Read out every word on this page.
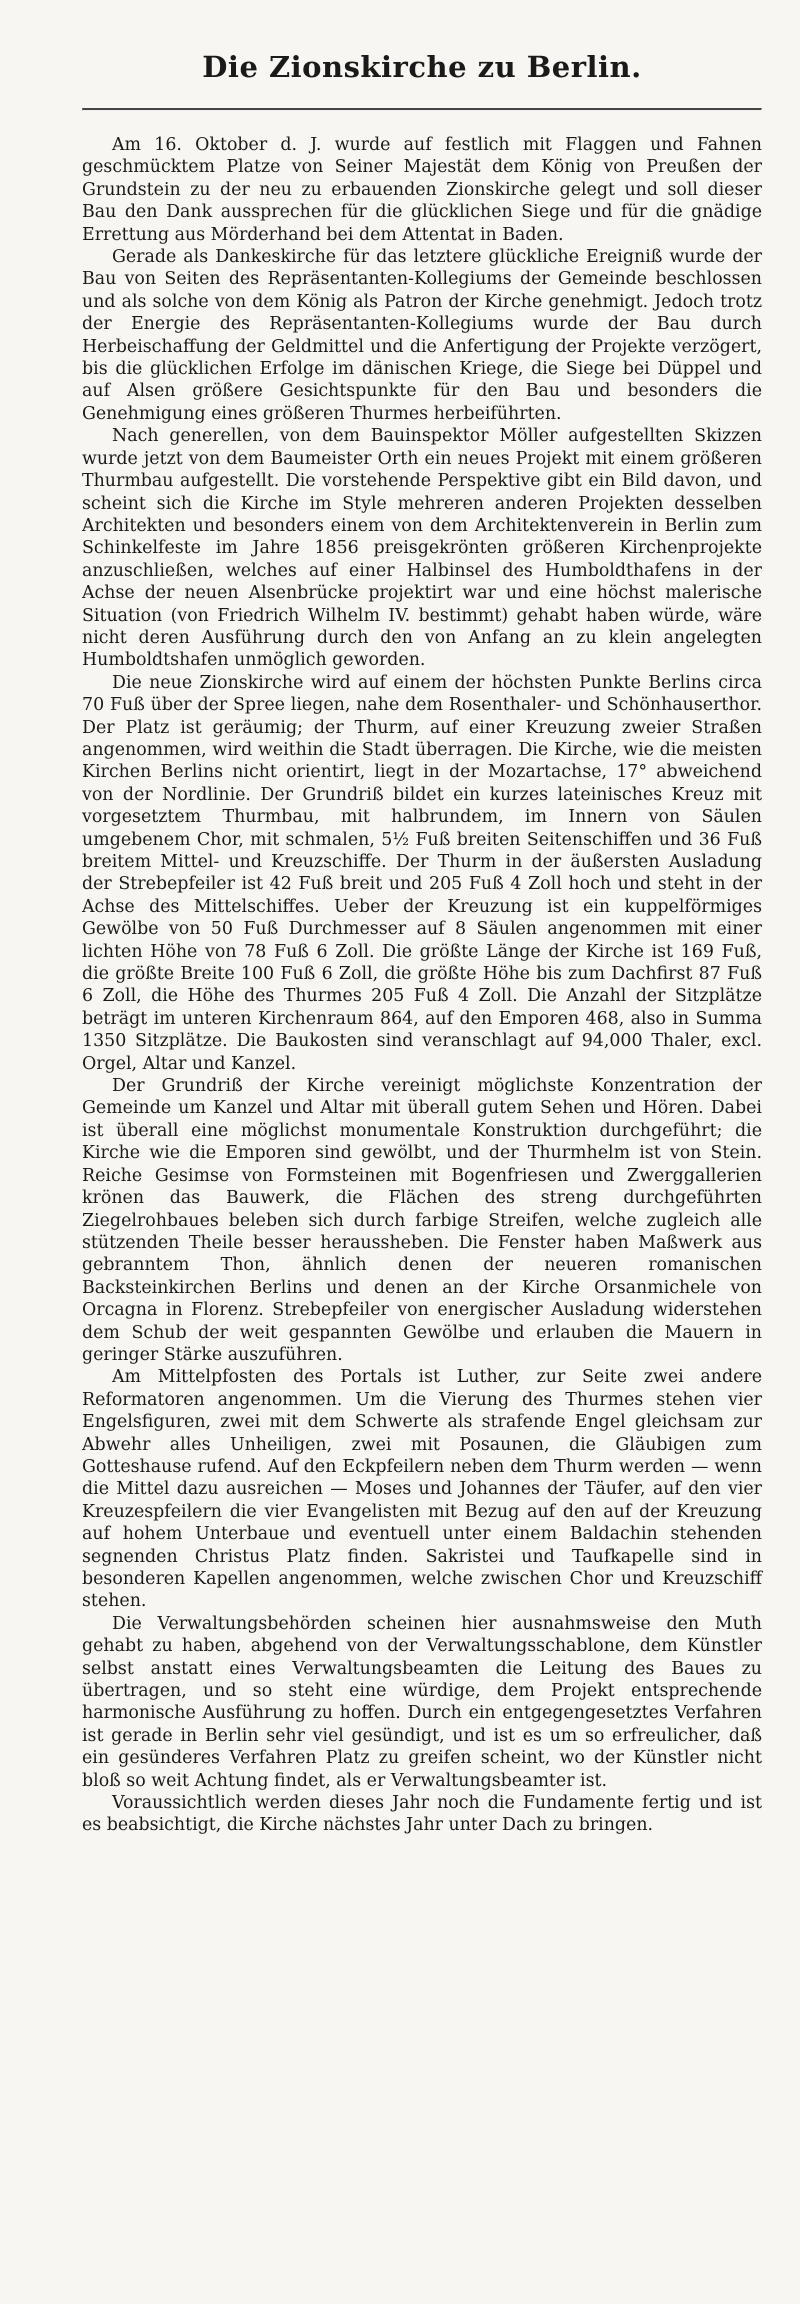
Die Zionskirche zu Berlin.

Am 16. Oktober d. J. wurde auf festlich mit Flaggen und Fahnen geschmücktem Platze von Seiner Majestät dem König von Preußen der Grundstein zu der neu zu erbauenden Zionskirche gelegt und soll dieser Bau den Dank aussprechen für die glücklichen Siege und für die gnädige Errettung aus Mörderhand bei dem Attentat in Baden.

Gerade als Dankeskirche für das letztere glückliche Ereigniß wurde der Bau von Seiten des Repräsentanten-Kollegiums der Gemeinde beschlossen und als solche von dem König als Patron der Kirche genehmigt. Jedoch trotz der Energie des Repräsentanten-Kollegiums wurde der Bau durch Herbeischaffung der Geldmittel und die Anfertigung der Projekte verzögert, bis die glücklichen Erfolge im dänischen Kriege, die Siege bei Düppel und auf Alsen größere Gesichtspunkte für den Bau und besonders die Genehmigung eines größeren Thurmes herbeiführten.

Nach generellen, von dem Bauinspektor Möller aufgestellten Skizzen wurde jetzt von dem Baumeister Orth ein neues Projekt mit einem größeren Thurmbau aufgestellt. Die vorstehende Perspektive gibt ein Bild davon, und scheint sich die Kirche im Style mehreren anderen Projekten desselben Architekten und besonders einem von dem Architektenverein in Berlin zum Schinkelfeste im Jahre 1856 preisgekrönten größeren Kirchenprojekte anzuschließen, welches auf einer Halbinsel des Humboldthafens in der Achse der neuen Alsenbrücke projektirt war und eine höchst malerische Situation (von Friedrich Wilhelm IV. bestimmt) gehabt haben würde, wäre nicht deren Ausführung durch den von Anfang an zu klein angelegten Humboldtshafen unmöglich geworden.

Die neue Zionskirche wird auf einem der höchsten Punkte Berlins circa 70 Fuß über der Spree liegen, nahe dem Rosenthaler- und Schönhauserthor. Der Platz ist geräumig; der Thurm, auf einer Kreuzung zweier Straßen angenommen, wird weithin die Stadt überragen. Die Kirche, wie die meisten Kirchen Berlins nicht orientirt, liegt in der Mozartachse, 17° abweichend von der Nordlinie. Der Grundriß bildet ein kurzes lateinisches Kreuz mit vorgesetztem Thurmbau, mit halbrundem, im Innern von Säulen umgebenem Chor, mit schmalen, 5½ Fuß breiten Seitenschiffen und 36 Fuß breitem Mittel- und Kreuzschiffe. Der Thurm in der äußersten Ausladung der Strebepfeiler ist 42 Fuß breit und 205 Fuß 4 Zoll hoch und steht in der Achse des Mittelschiffes. Ueber der Kreuzung ist ein kuppelförmiges Gewölbe von 50 Fuß Durchmesser auf 8 Säulen angenommen mit einer lichten Höhe von 78 Fuß 6 Zoll. Die größte Länge der Kirche ist 169 Fuß, die größte Breite 100 Fuß 6 Zoll, die größte Höhe bis zum Dachfirst 87 Fuß 6 Zoll, die Höhe des Thurmes 205 Fuß 4 Zoll. Die Anzahl der Sitzplätze beträgt im unteren Kirchenraum 864, auf den Emporen 468, also in Summa 1350 Sitzplätze. Die Baukosten sind veranschlagt auf 94,000 Thaler, excl. Orgel, Altar und Kanzel.

Der Grundriß der Kirche vereinigt möglichste Konzentration der Gemeinde um Kanzel und Altar mit überall gutem Sehen und Hören. Dabei ist überall eine möglichst monumentale Konstruktion durchgeführt; die Kirche wie die Emporen sind gewölbt, und der Thurmhelm ist von Stein. Reiche Gesimse von Formsteinen mit Bogenfriesen und Zwerggallerien krönen das Bauwerk, die Flächen des streng durchgeführten Ziegelrohbaues beleben sich durch farbige Streifen, welche zugleich alle stützenden Theile besser heraussheben. Die Fenster haben Maßwerk aus gebranntem Thon, ähnlich denen der neueren romanischen Backsteinkirchen Berlins und denen an der Kirche Orsanmichele von Orcagna in Florenz. Strebepfeiler von energischer Ausladung widerstehen dem Schub der weit gespannten Gewölbe und erlauben die Mauern in geringer Stärke auszuführen.

Am Mittelpfosten des Portals ist Luther, zur Seite zwei andere Reformatoren angenommen. Um die Vierung des Thurmes stehen vier Engelsfiguren, zwei mit dem Schwerte als strafende Engel gleichsam zur Abwehr alles Unheiligen, zwei mit Posaunen, die Gläubigen zum Gotteshause rufend. Auf den Eckpfeilern neben dem Thurm werden — wenn die Mittel dazu ausreichen — Moses und Johannes der Täufer, auf den vier Kreuzespfeilern die vier Evangelisten mit Bezug auf den auf der Kreuzung auf hohem Unterbaue und eventuell unter einem Baldachin stehenden segnenden Christus Platz finden. Sakristei und Taufkapelle sind in besonderen Kapellen angenommen, welche zwischen Chor und Kreuzschiff stehen.

Die Verwaltungsbehörden scheinen hier ausnahmsweise den Muth gehabt zu haben, abgehend von der Verwaltungsschablone, dem Künstler selbst anstatt eines Verwaltungsbeamten die Leitung des Baues zu übertragen, und so steht eine würdige, dem Projekt entsprechende harmonische Ausführung zu hoffen. Durch ein entgegengesetztes Verfahren ist gerade in Berlin sehr viel gesündigt, und ist es um so erfreulicher, daß ein gesünderes Verfahren Platz zu greifen scheint, wo der Künstler nicht bloß so weit Achtung findet, als er Verwaltungsbeamter ist.

Voraussichtlich werden dieses Jahr noch die Fundamente fertig und ist es beabsichtigt, die Kirche nächstes Jahr unter Dach zu bringen.
